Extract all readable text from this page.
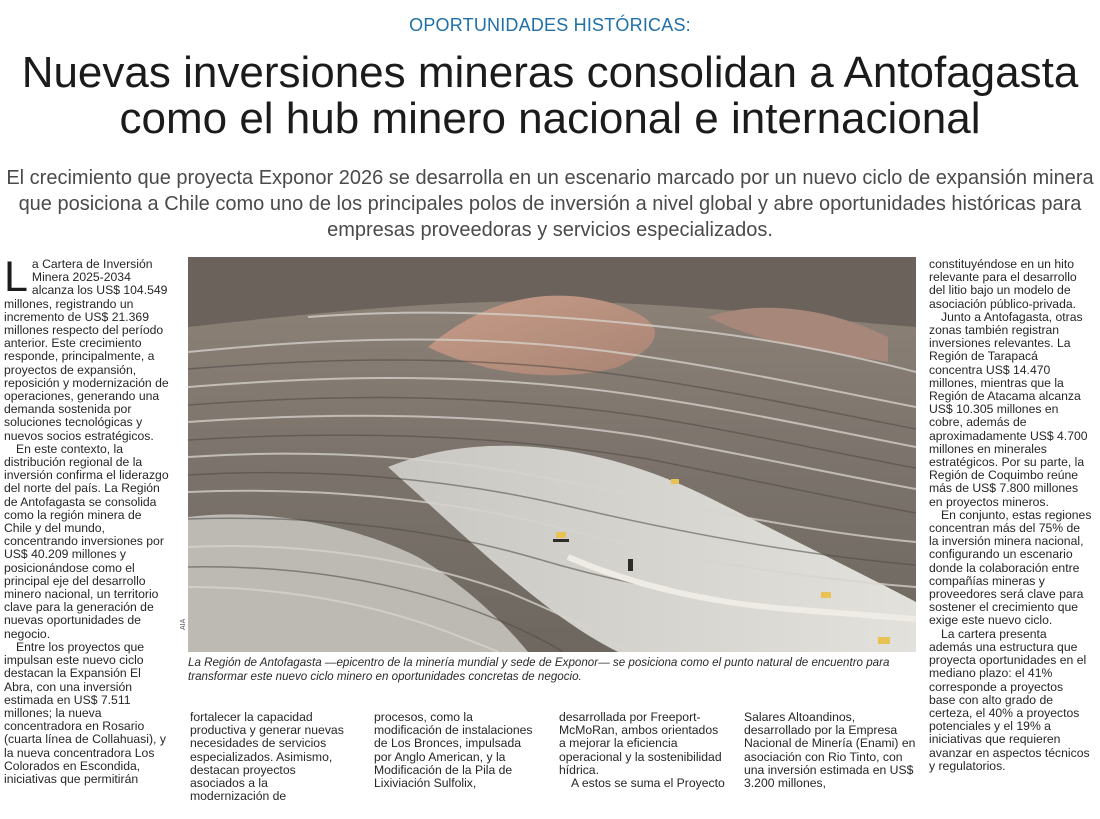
OPORTUNIDADES HISTÓRICAS:
Nuevas inversiones mineras consolidan a Antofagasta
como el hub minero nacional e internacional
El crecimiento que proyecta Exponor 2026 se desarrolla en un escenario marcado por un nuevo ciclo de expansión minera
que posiciona a Chile como uno de los principales polos de inversión a nivel global y abre oportunidades históricas para
empresas proveedoras y servicios especializados.

La Cartera de Inversión Minera 2025-2034 alcanza los US$ 104.549 millones, registrando un incremento de US$ 21.369 millones respecto del período anterior. Este crecimiento responde, principalmente, a proyectos de expansión, reposición y modernización de operaciones, generando una demanda sostenida por soluciones tecnológicas y nuevos socios estratégicos.

En este contexto, la distribución regional de la inversión confirma el liderazgo del norte del país. La Región de Antofagasta se consolida como la región minera de Chile y del mundo, concentrando inversiones por US$ 40.209 millones y posicionándose como el principal eje del desarrollo minero nacional, un territorio clave para la generación de nuevas oportunidades de negocio.

Entre los proyectos que impulsan este nuevo ciclo destacan la Expansión El Abra, con una inversión estimada en US$ 7.511 millones; la nueva concentradora en Rosario (cuarta línea de Collahuasi), y la nueva concentradora Los Colorados en Escondida, iniciativas que permitirán

AIA
La Región de Antofagasta —epicentro de la minería mundial y sede de Exponor— se posiciona como el punto natural de encuentro para
transformar este nuevo ciclo minero en oportunidades concretas de negocio.

fortalecer la capacidad productiva y generar nuevas necesidades de servicios especializados. Asimismo, destacan proyectos asociados a la modernización de

procesos, como la modificación de instalaciones de Los Bronces, impulsada por Anglo American, y la Modificación de la Pila de Lixiviación Sulfolix,

desarrollada por Freeport-McMoRan, ambos orientados a mejorar la eficiencia operacional y la sostenibilidad hídrica.

A estos se suma el Proyecto

Salares Altoandinos, desarrollado por la Empresa Nacional de Minería (Enami) en asociación con Rio Tinto, con una inversión estimada en US$ 3.200 millones,

constituyéndose en un hito relevante para el desarrollo del litio bajo un modelo de asociación público-privada.

Junto a Antofagasta, otras zonas también registran inversiones relevantes. La Región de Tarapacá concentra US$ 14.470 millones, mientras que la Región de Atacama alcanza US$ 10.305 millones en cobre, además de aproximadamente US$ 4.700 millones en minerales estratégicos. Por su parte, la Región de Coquimbo reúne más de US$ 7.800 millones en proyectos mineros.

En conjunto, estas regiones concentran más del 75% de la inversión minera nacional, configurando un escenario donde la colaboración entre compañías mineras y proveedores será clave para sostener el crecimiento que exige este nuevo ciclo.

La cartera presenta además una estructura que proyecta oportunidades en el mediano plazo: el 41% corresponde a proyectos base con alto grado de certeza, el 40% a proyectos potenciales y el 19% a iniciativas que requieren avanzar en aspectos técnicos y regulatorios.
